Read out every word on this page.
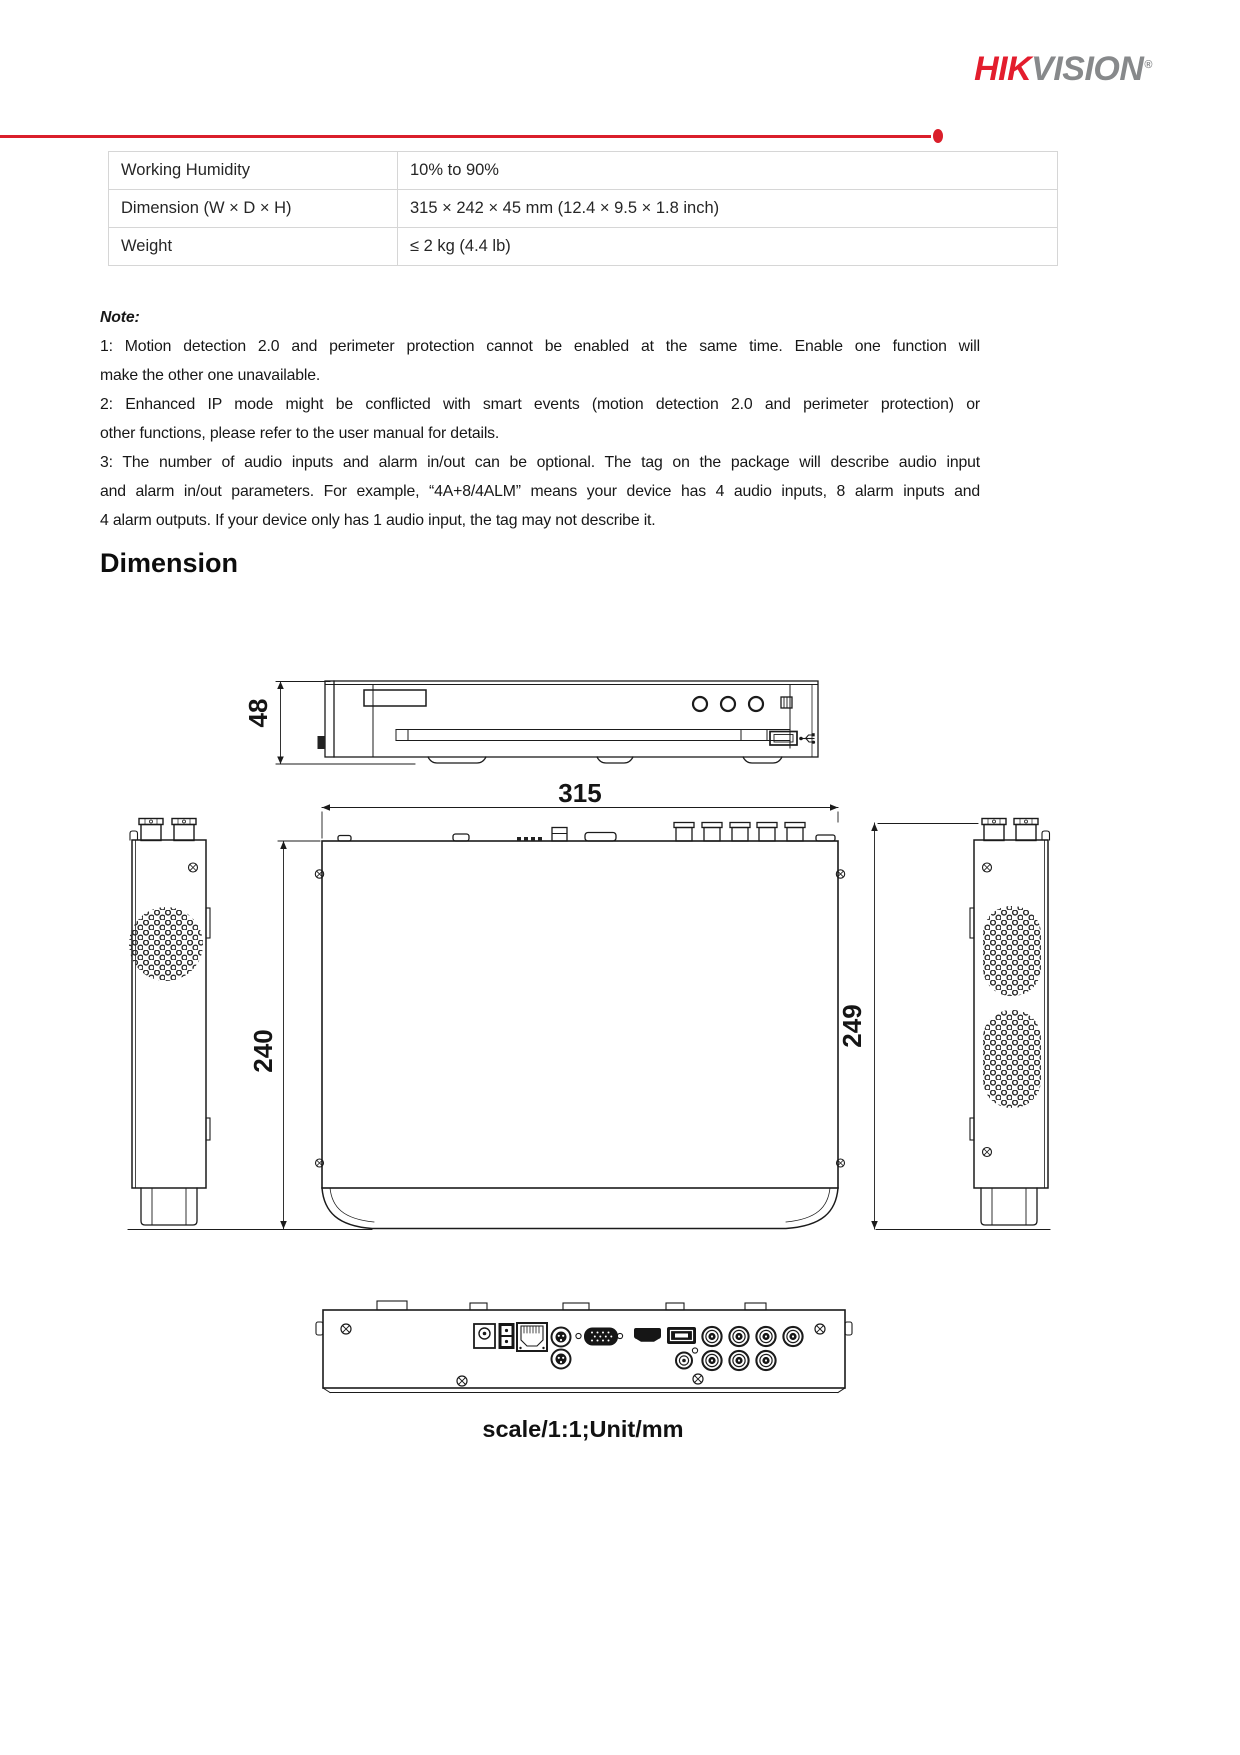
HIKVISION®
Working Humidity	10% to 90%
Dimension (W × D × H)	315 × 242 × 45 mm (12.4 × 9.5 × 1.8 inch)
Weight	≤ 2 kg (4.4 lb)
Note:
1: Motion detection 2.0 and perimeter protection cannot be enabled at the same time. Enable one function will
make the other one unavailable.
2: Enhanced IP mode might be conflicted with smart events (motion detection 2.0 and perimeter protection) or
other functions, please refer to the user manual for details.
3: The number of audio inputs and alarm in/out can be optional. The tag on the package will describe audio input
and alarm in/out parameters. For example, “4A+8/4ALM” means your device has 4 audio inputs, 8 alarm inputs and
4 alarm outputs. If your device only has 1 audio input, the tag may not describe it.
Dimension
48
315
240
249
scale/1:1;Unit/mm
